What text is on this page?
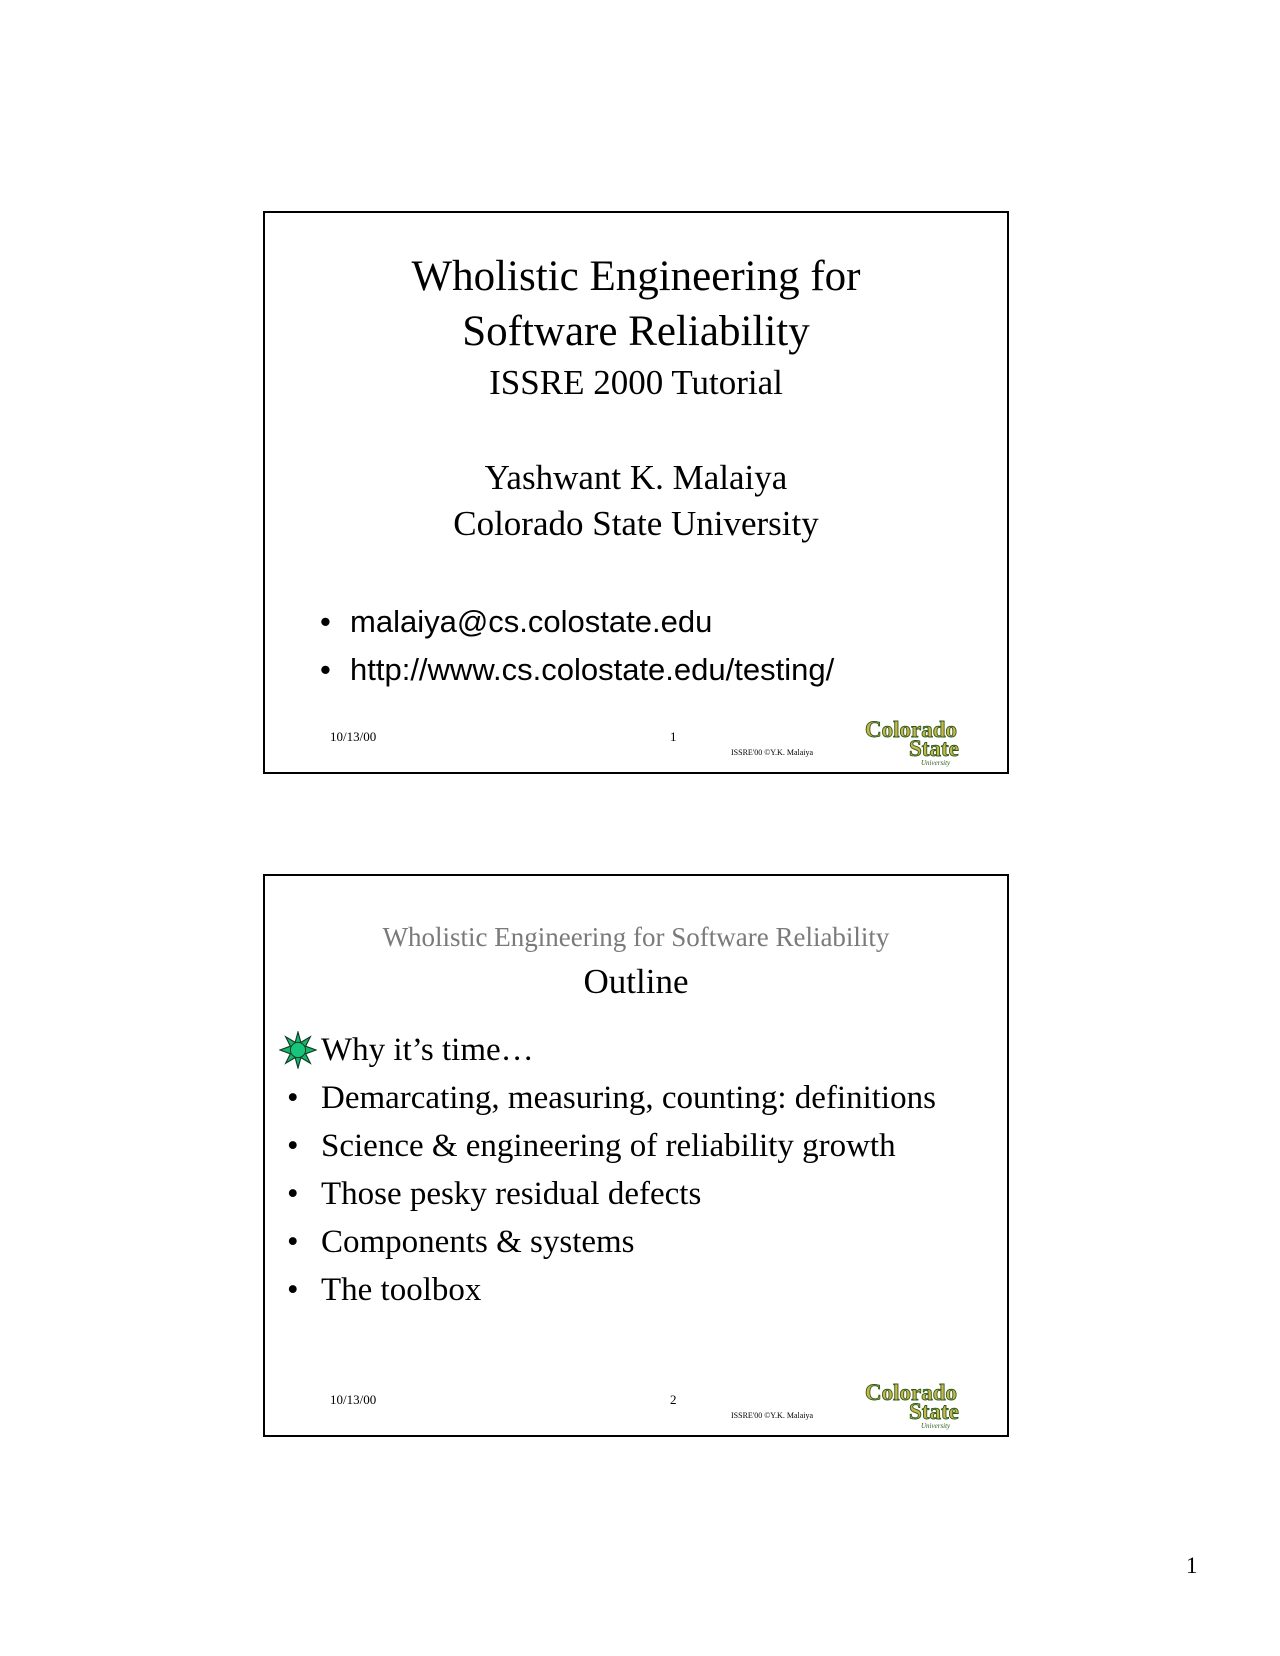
Wholistic Engineering for
Software Reliability
ISSRE 2000 Tutorial
Yashwant K. Malaiya
Colorado State University
• malaiya@cs.colostate.edu
• http://www.cs.colostate.edu/testing/
10/13/00	1
ISSRE'00 ©Y.K. Malaiya
Colorado
State
University
Wholistic Engineering for Software Reliability
Outline
Why it’s time…
• Demarcating, measuring, counting: definitions
• Science & engineering of reliability growth
• Those pesky residual defects
• Components & systems
• The toolbox
10/13/00	2
ISSRE'00 ©Y.K. Malaiya
Colorado
State
University
1
